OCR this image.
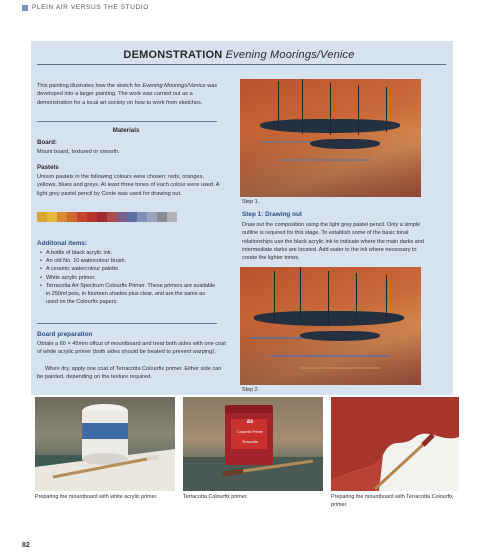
PLEIN AIR VERSUS THE STUDIO
DEMONSTRATION Evening Moorings/Venice
This painting illustrates how the sketch for Evening Moorings/Venice was developed into a larger painting. The work was carried out as a demonstration for a local art society on how to work from sketches.
Materials
Board:
Mount board, textured or smooth.
Pastels
Unison pastels in the following colours were chosen: reds, oranges, yellows, blues and greys. At least three tones of each colour were used. A light grey pastel pencil by Conte was used for drawing out.
Additonal items:
• A bottle of black acrylic ink.
• An old No. 10 watercolour brush.
• A ceramic watercolour palette.
• White acrylic primer.
• Terracotta Art Spectrum Colourfix Primer. These primers are available in 250ml pots, in fourteen shades plus clear, and are the same as used on the Colourfix papers.
Board preparation
Obtain a 60 × 45mm offcut of mountboard and treat both sides with one coat of white acrylic primer (both sides should be treated to prevent warping).
When dry, apply one coat of Terracotta Colourfix primer. Either side can be painted, depending on the texture required.
Step 1.
Step 1: Drawing out
Draw out the composition using the light grey pastel pencil. Only a simple outline is required for this stage. To establish some of the basic tonal relationships use the black acrylic ink to indicate where the main darks and intermediate darks are located. Add water to the ink where necessary to create the lighter tones.
Step 2.
Preparing the mountboard with white acrylic primer.
as
Colourfix Primer
Terracotta
Terracotta Colourfix primer.	Preparing the mountboard with Terracotta Colourfix primer.
82
